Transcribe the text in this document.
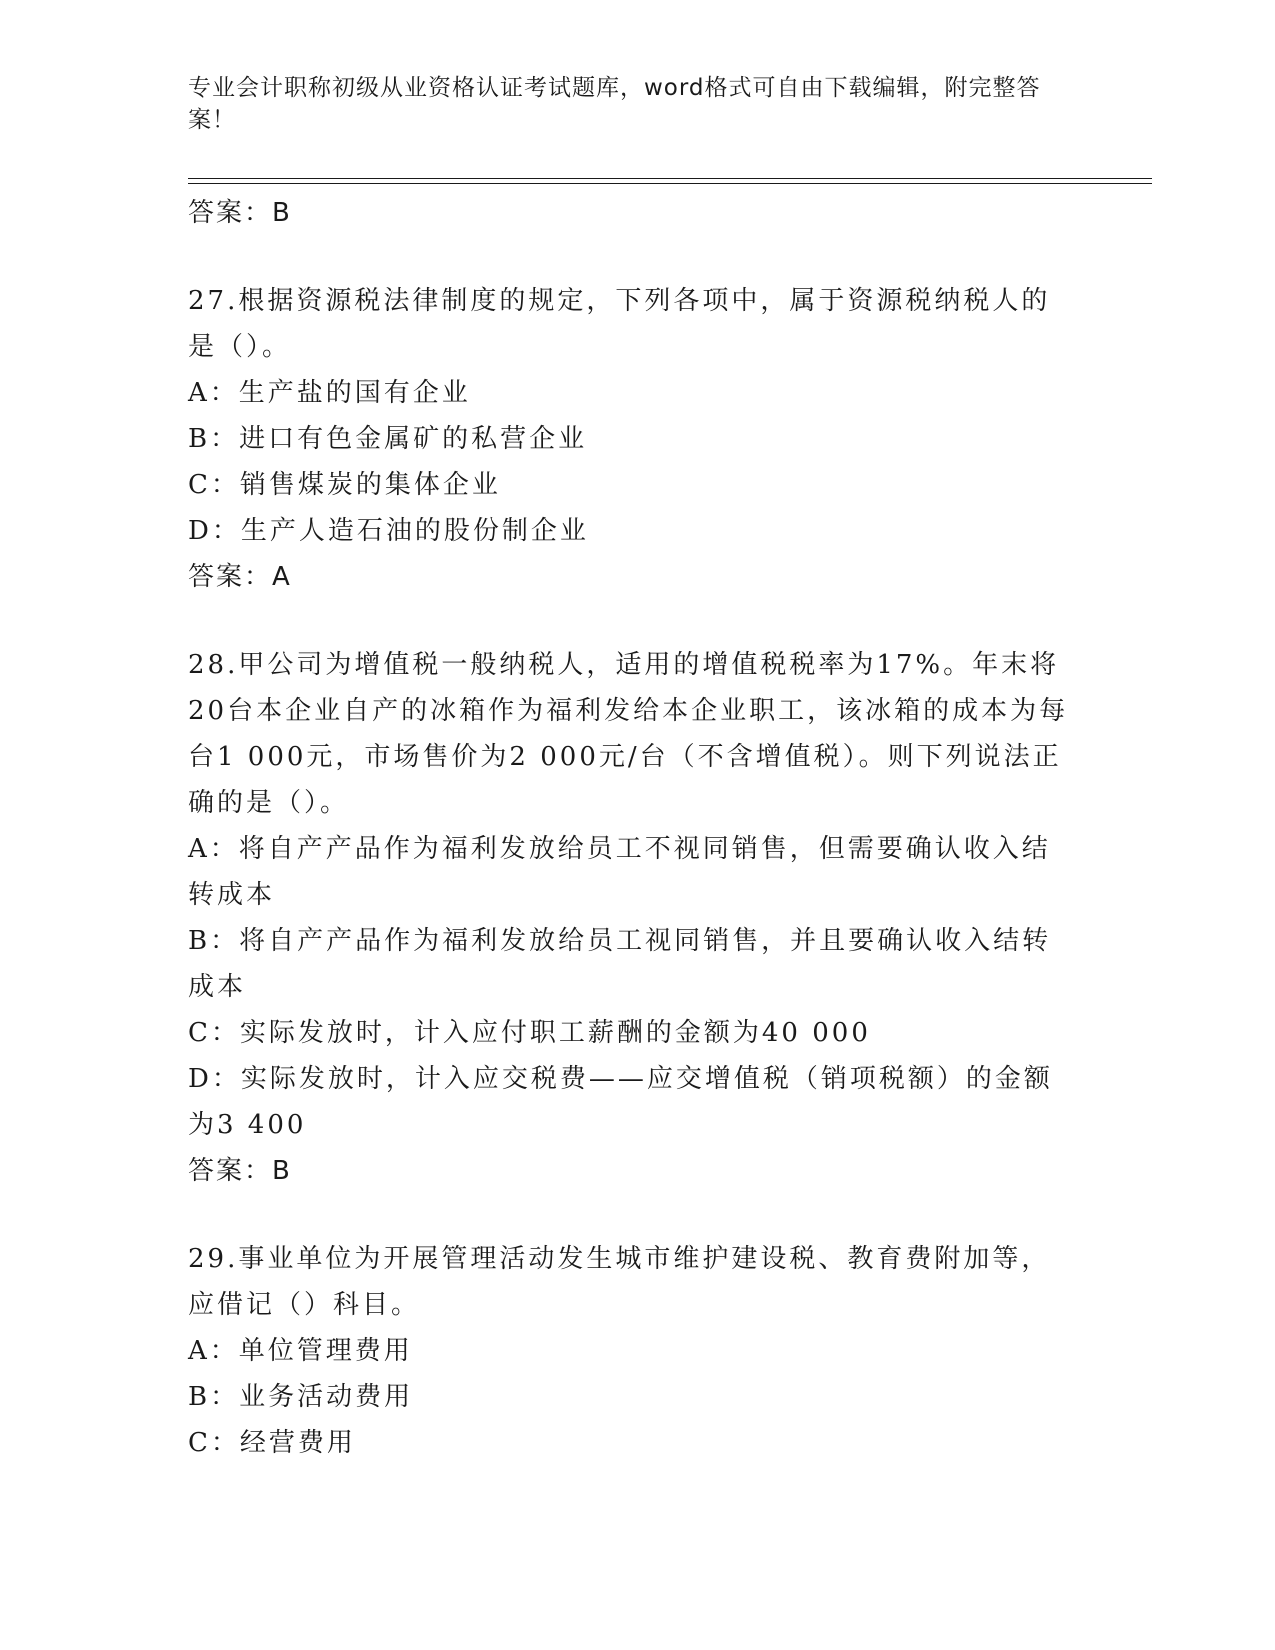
专业会计职称初级从业资格认证考试题库，word格式可自由下载编辑，附完整答案！
答案：B
27.根据资源税法律制度的规定，下列各项中，属于资源税纳税人的是（）。
A：生产盐的国有企业
B：进口有色金属矿的私营企业
C：销售煤炭的集体企业
D：生产人造石油的股份制企业
答案：A
28.甲公司为增值税一般纳税人，适用的增值税税率为17%。年末将20台本企业自产的冰箱作为福利发给本企业职工，该冰箱的成本为每台1 000元，市场售价为2 000元/台（不含增值税）。则下列说法正确的是（）。
A：将自产产品作为福利发放给员工不视同销售，但需要确认收入结转成本
B：将自产产品作为福利发放给员工视同销售，并且要确认收入结转成本
C：实际发放时，计入应付职工薪酬的金额为40 000
D：实际发放时，计入应交税费——应交增值税（销项税额）的金额为3 400
答案：B
29.事业单位为开展管理活动发生城市维护建设税、教育费附加等，应借记（）科目。
A：单位管理费用
B：业务活动费用
C：经营费用
